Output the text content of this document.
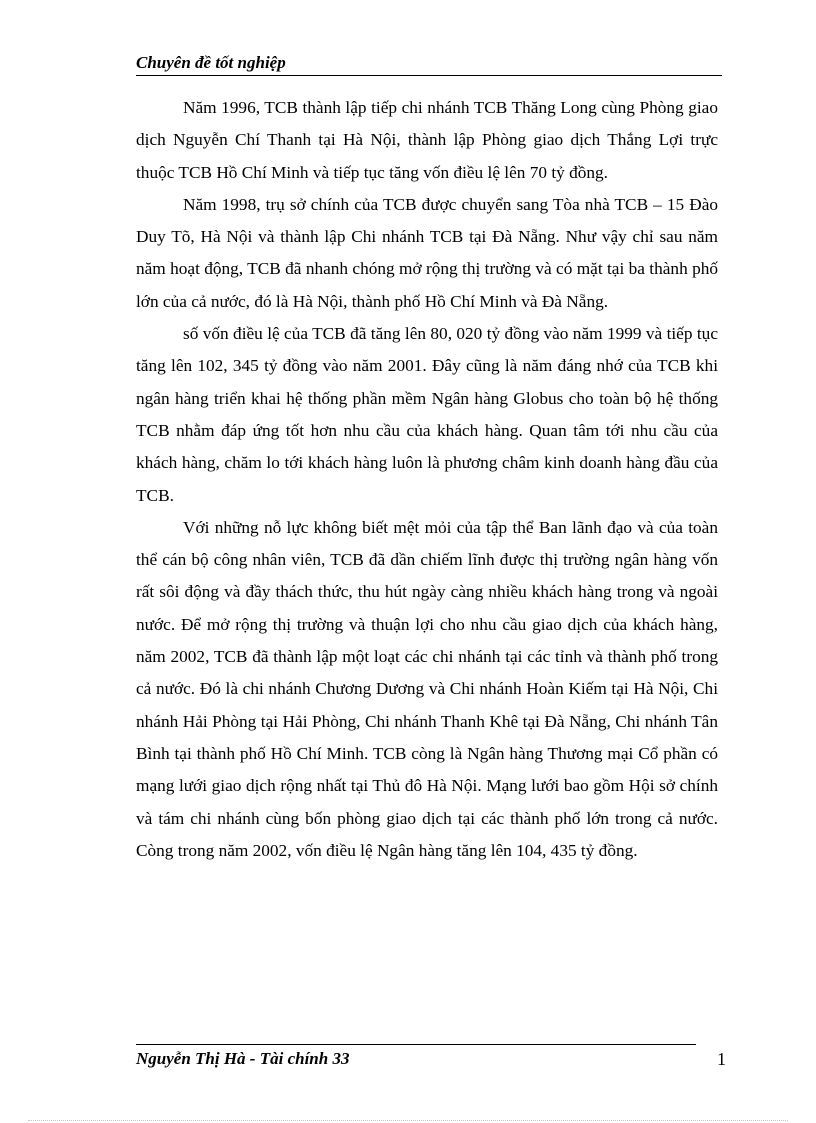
Chuyên đề tốt nghiệp

Năm 1996, TCB thành lập tiếp chi nhánh TCB Thăng Long cùng Phòng giao dịch Nguyễn Chí Thanh tại Hà Nội, thành lập Phòng giao dịch Thắng Lợi trực thuộc TCB Hồ Chí Minh và tiếp tục tăng vốn điều lệ lên 70 tỷ đồng.

Năm 1998, trụ sở chính của TCB được chuyển sang Tòa nhà TCB – 15 Đào Duy Tõ, Hà Nội và thành lập Chi nhánh TCB tại Đà Nẵng. Như vậy chỉ sau năm năm hoạt động, TCB đã nhanh chóng mở rộng thị trường và có mặt tại ba thành phố lớn của cả nước, đó là Hà Nội, thành phố Hồ Chí Minh và Đà Nẵng.

số vốn điều lệ của TCB đã tăng lên 80, 020 tỷ đồng vào năm 1999 và tiếp tục tăng lên 102, 345 tỷ đồng vào năm 2001. Đây cũng là năm đáng nhớ của TCB khi ngân hàng triển khai hệ thống phần mềm Ngân hàng Globus cho toàn bộ hệ thống TCB nhằm đáp ứng tốt hơn nhu cầu của khách hàng. Quan tâm tới nhu cầu của khách hàng, chăm lo tới khách hàng luôn là phương châm kinh doanh hàng đầu của TCB.

Với những nỗ lực không biết mệt mỏi của tập thể Ban lãnh đạo và của toàn thể cán bộ công nhân viên, TCB đã dần chiếm lĩnh được thị trường ngân hàng vốn rất sôi động và đầy thách thức, thu hút ngày càng nhiều khách hàng trong và ngoài nước. Để mở rộng thị trường và thuận lợi cho nhu cầu giao dịch của khách hàng, năm 2002, TCB đã thành lập một loạt các chi nhánh tại các tỉnh và thành phố trong cả nước. Đó là chi nhánh Chương Dương và Chi nhánh Hoàn Kiếm tại Hà Nội, Chi nhánh Hải Phòng tại Hải Phòng, Chi nhánh Thanh Khê tại Đà Nẵng, Chi nhánh Tân Bình tại thành phố Hồ Chí Minh. TCB còng là Ngân hàng Thương mại Cổ phần có mạng lưới giao dịch rộng nhất tại Thủ đô Hà Nội. Mạng lưới bao gồm Hội sở chính và tám chi nhánh cùng bốn phòng giao dịch tại các thành phố lớn trong cả nước. Còng trong năm 2002, vốn điều lệ Ngân hàng tăng lên 104, 435 tỷ đồng.

Nguyễn Thị Hà - Tài chính 33	1
